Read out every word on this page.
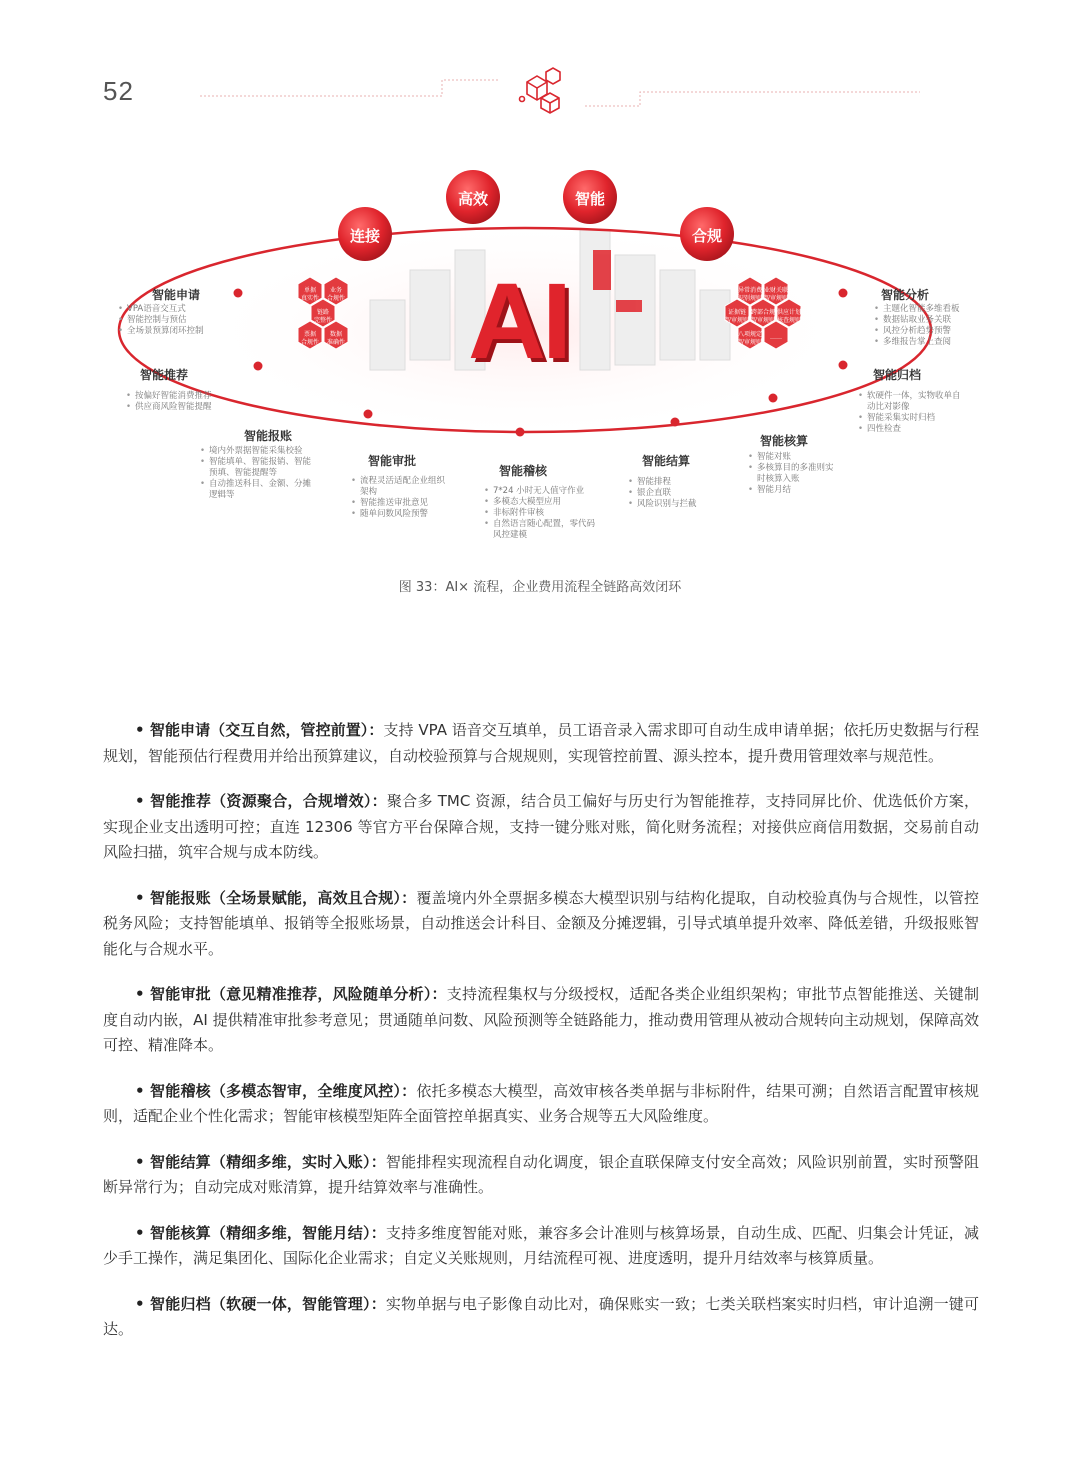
52
连接
高效	智能
合规
AI
单据
真实性
业务
合规性
链路
完整性
票据
合规性
数据
准确性
异常消费
识别规则
业财关联
智审规则
证据链
智审规则
跨部合规
智审规则
供应计划
核查规则
八项规定
智审规则
……
智能申请
• VPA语音交互式
• 智能控制与预估
• 全场景预算闭环控制
智能推荐
• 按偏好智能消费推荐
• 供应商风险智能提醒
智能报账
• 境内外票据智能采集校验
• 智能填单、智能报销、智能预填、智能提醒等
• 自动推送科目、金额、分摊逻辑等
智能审批
• 流程灵活适配企业组织架构
• 智能推送审批意见
• 随单问数风险预警
智能稽核
• 7*24 小时无人值守作业
• 多模态大模型应用
• 非标附件审核
• 自然语言随心配置，零代码风控建模
智能结算
• 智能排程
• 银企直联
• 风险识别与拦截
智能核算
• 智能对账
• 多核算目的多准则实时核算入账
• 智能月结
智能分析
• 主题化智能多维看板
• 数据钻取业务关联
• 风控分析趋势预警
• 多维报告掌上查阅
智能归档
• 软硬件一体，实物收单自动比对影像
• 智能采集实时归档
• 四性检查
图 33：AI× 流程，企业费用流程全链路高效闭环

• 智能申请（交互自然，管控前置）：支持 VPA 语音交互填单，员工语音录入需求即可自动生成申请单据；依托历史数据与行程规划，智能预估行程费用并给出预算建议，自动校验预算与合规规则，实现管控前置、源头控本，提升费用管理效率与规范性。

• 智能推荐（资源聚合，合规增效）：聚合多 TMC 资源，结合员工偏好与历史行为智能推荐，支持同屏比价、优选低价方案，实现企业支出透明可控；直连 12306 等官方平台保障合规，支持一键分账对账，简化财务流程；对接供应商信用数据，交易前自动风险扫描，筑牢合规与成本防线。

• 智能报账（全场景赋能，高效且合规）：覆盖境内外全票据多模态大模型识别与结构化提取，自动校验真伪与合规性，以管控税务风险；支持智能填单、报销等全报账场景，自动推送会计科目、金额及分摊逻辑，引导式填单提升效率、降低差错，升级报账智能化与合规水平。

• 智能审批（意见精准推荐，风险随单分析）：支持流程集权与分级授权，适配各类企业组织架构；审批节点智能推送、关键制度自动内嵌，AI 提供精准审批参考意见；贯通随单问数、风险预测等全链路能力，推动费用管理从被动合规转向主动规划，保障高效可控、精准降本。

• 智能稽核（多模态智审，全维度风控）：依托多模态大模型，高效审核各类单据与非标附件，结果可溯；自然语言配置审核规则，适配企业个性化需求；智能审核模型矩阵全面管控单据真实、业务合规等五大风险维度。

• 智能结算（精细多维，实时入账）：智能排程实现流程自动化调度，银企直联保障支付安全高效；风险识别前置，实时预警阻断异常行为；自动完成对账清算，提升结算效率与准确性。

• 智能核算（精细多维，智能月结）：支持多维度智能对账，兼容多会计准则与核算场景，自动生成、匹配、归集会计凭证，减少手工操作，满足集团化、国际化企业需求；自定义关账规则，月结流程可视、进度透明，提升月结效率与核算质量。

• 智能归档（软硬一体，智能管理）：实物单据与电子影像自动比对，确保账实一致；七类关联档案实时归档，审计追溯一键可达。
